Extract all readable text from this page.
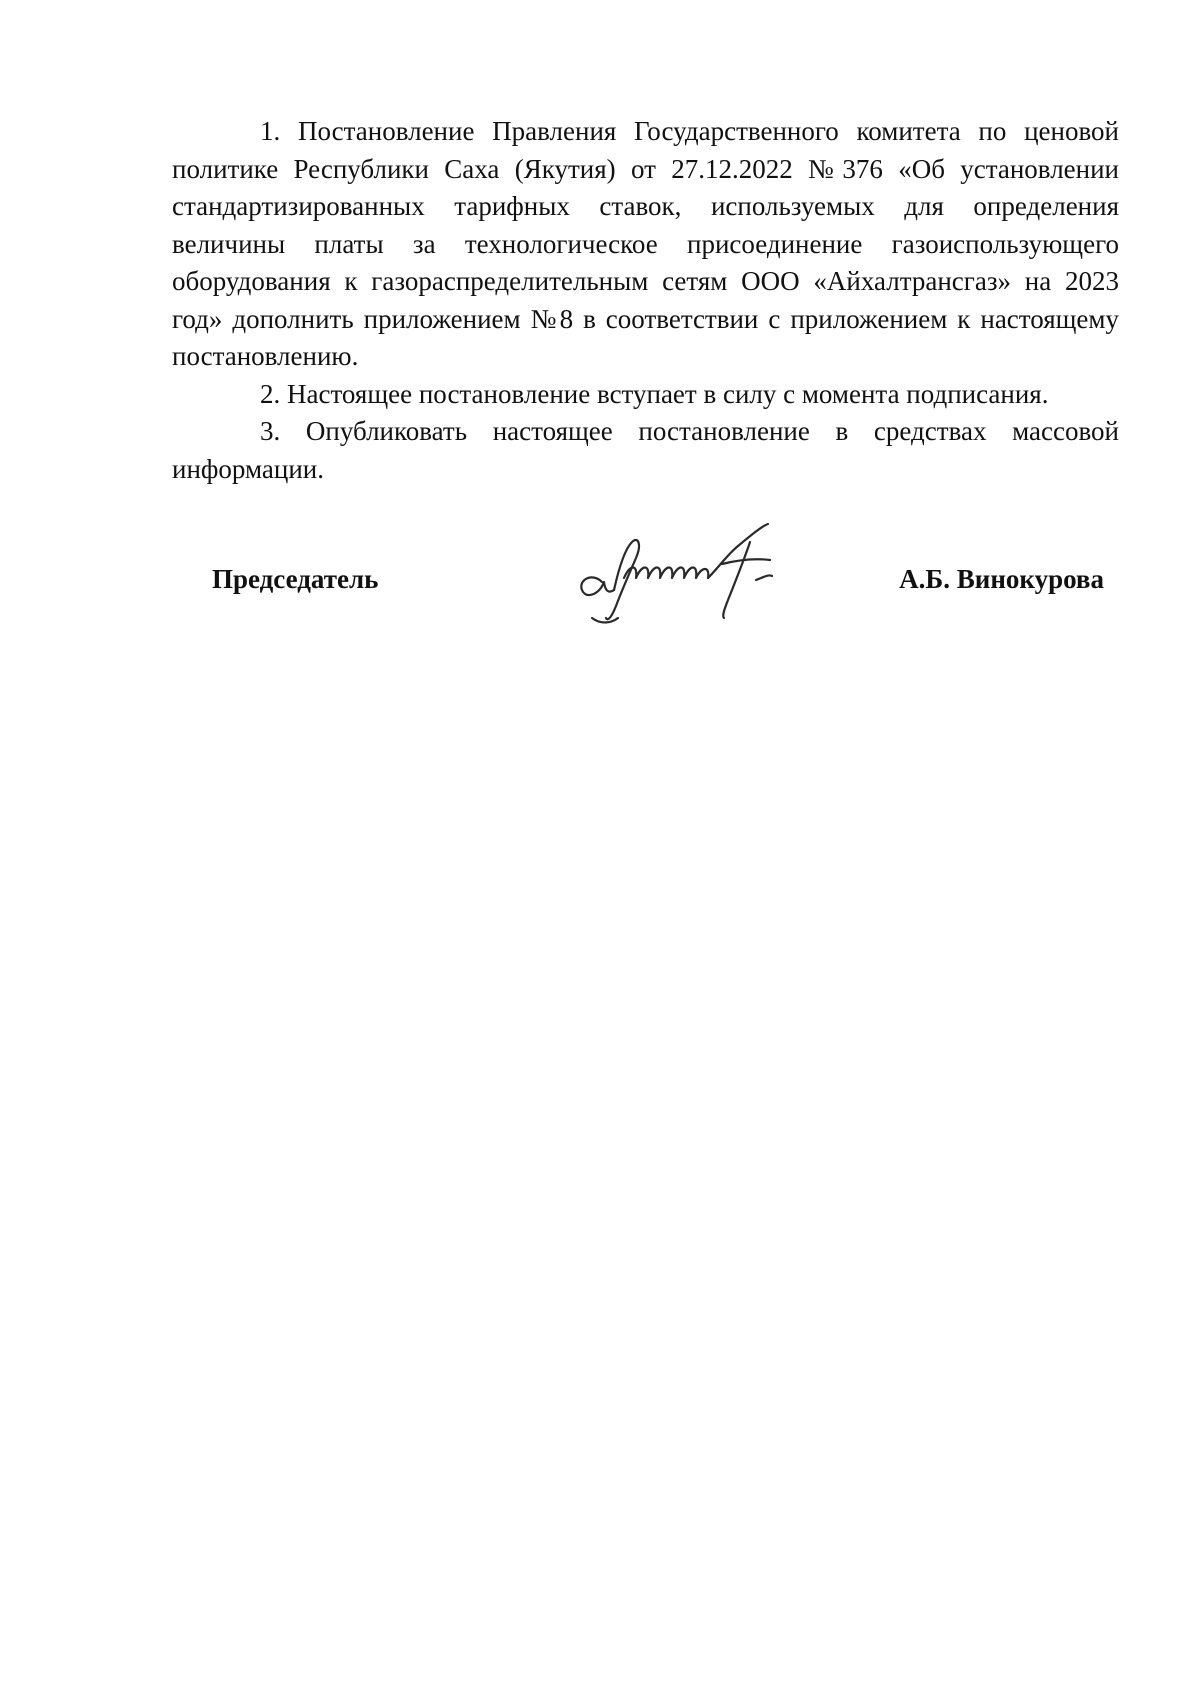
1. Постановление Правления Государственного комитета по ценовой политике Республики Саха (Якутия) от 27.12.2022 №376 «Об установлении стандартизированных тарифных ставок, используемых для определения величины платы за технологическое присоединение газоиспользующего оборудования к газораспределительным сетям ООО «Айхалтрансгаз» на 2023 год» дополнить приложением №8 в соответствии с приложением к настоящему постановлению.

2. Настоящее постановление вступает в силу с момента подписания.

3. Опубликовать настоящее постановление в средствах массовой информации.

Председатель	А.Б. Винокурова
